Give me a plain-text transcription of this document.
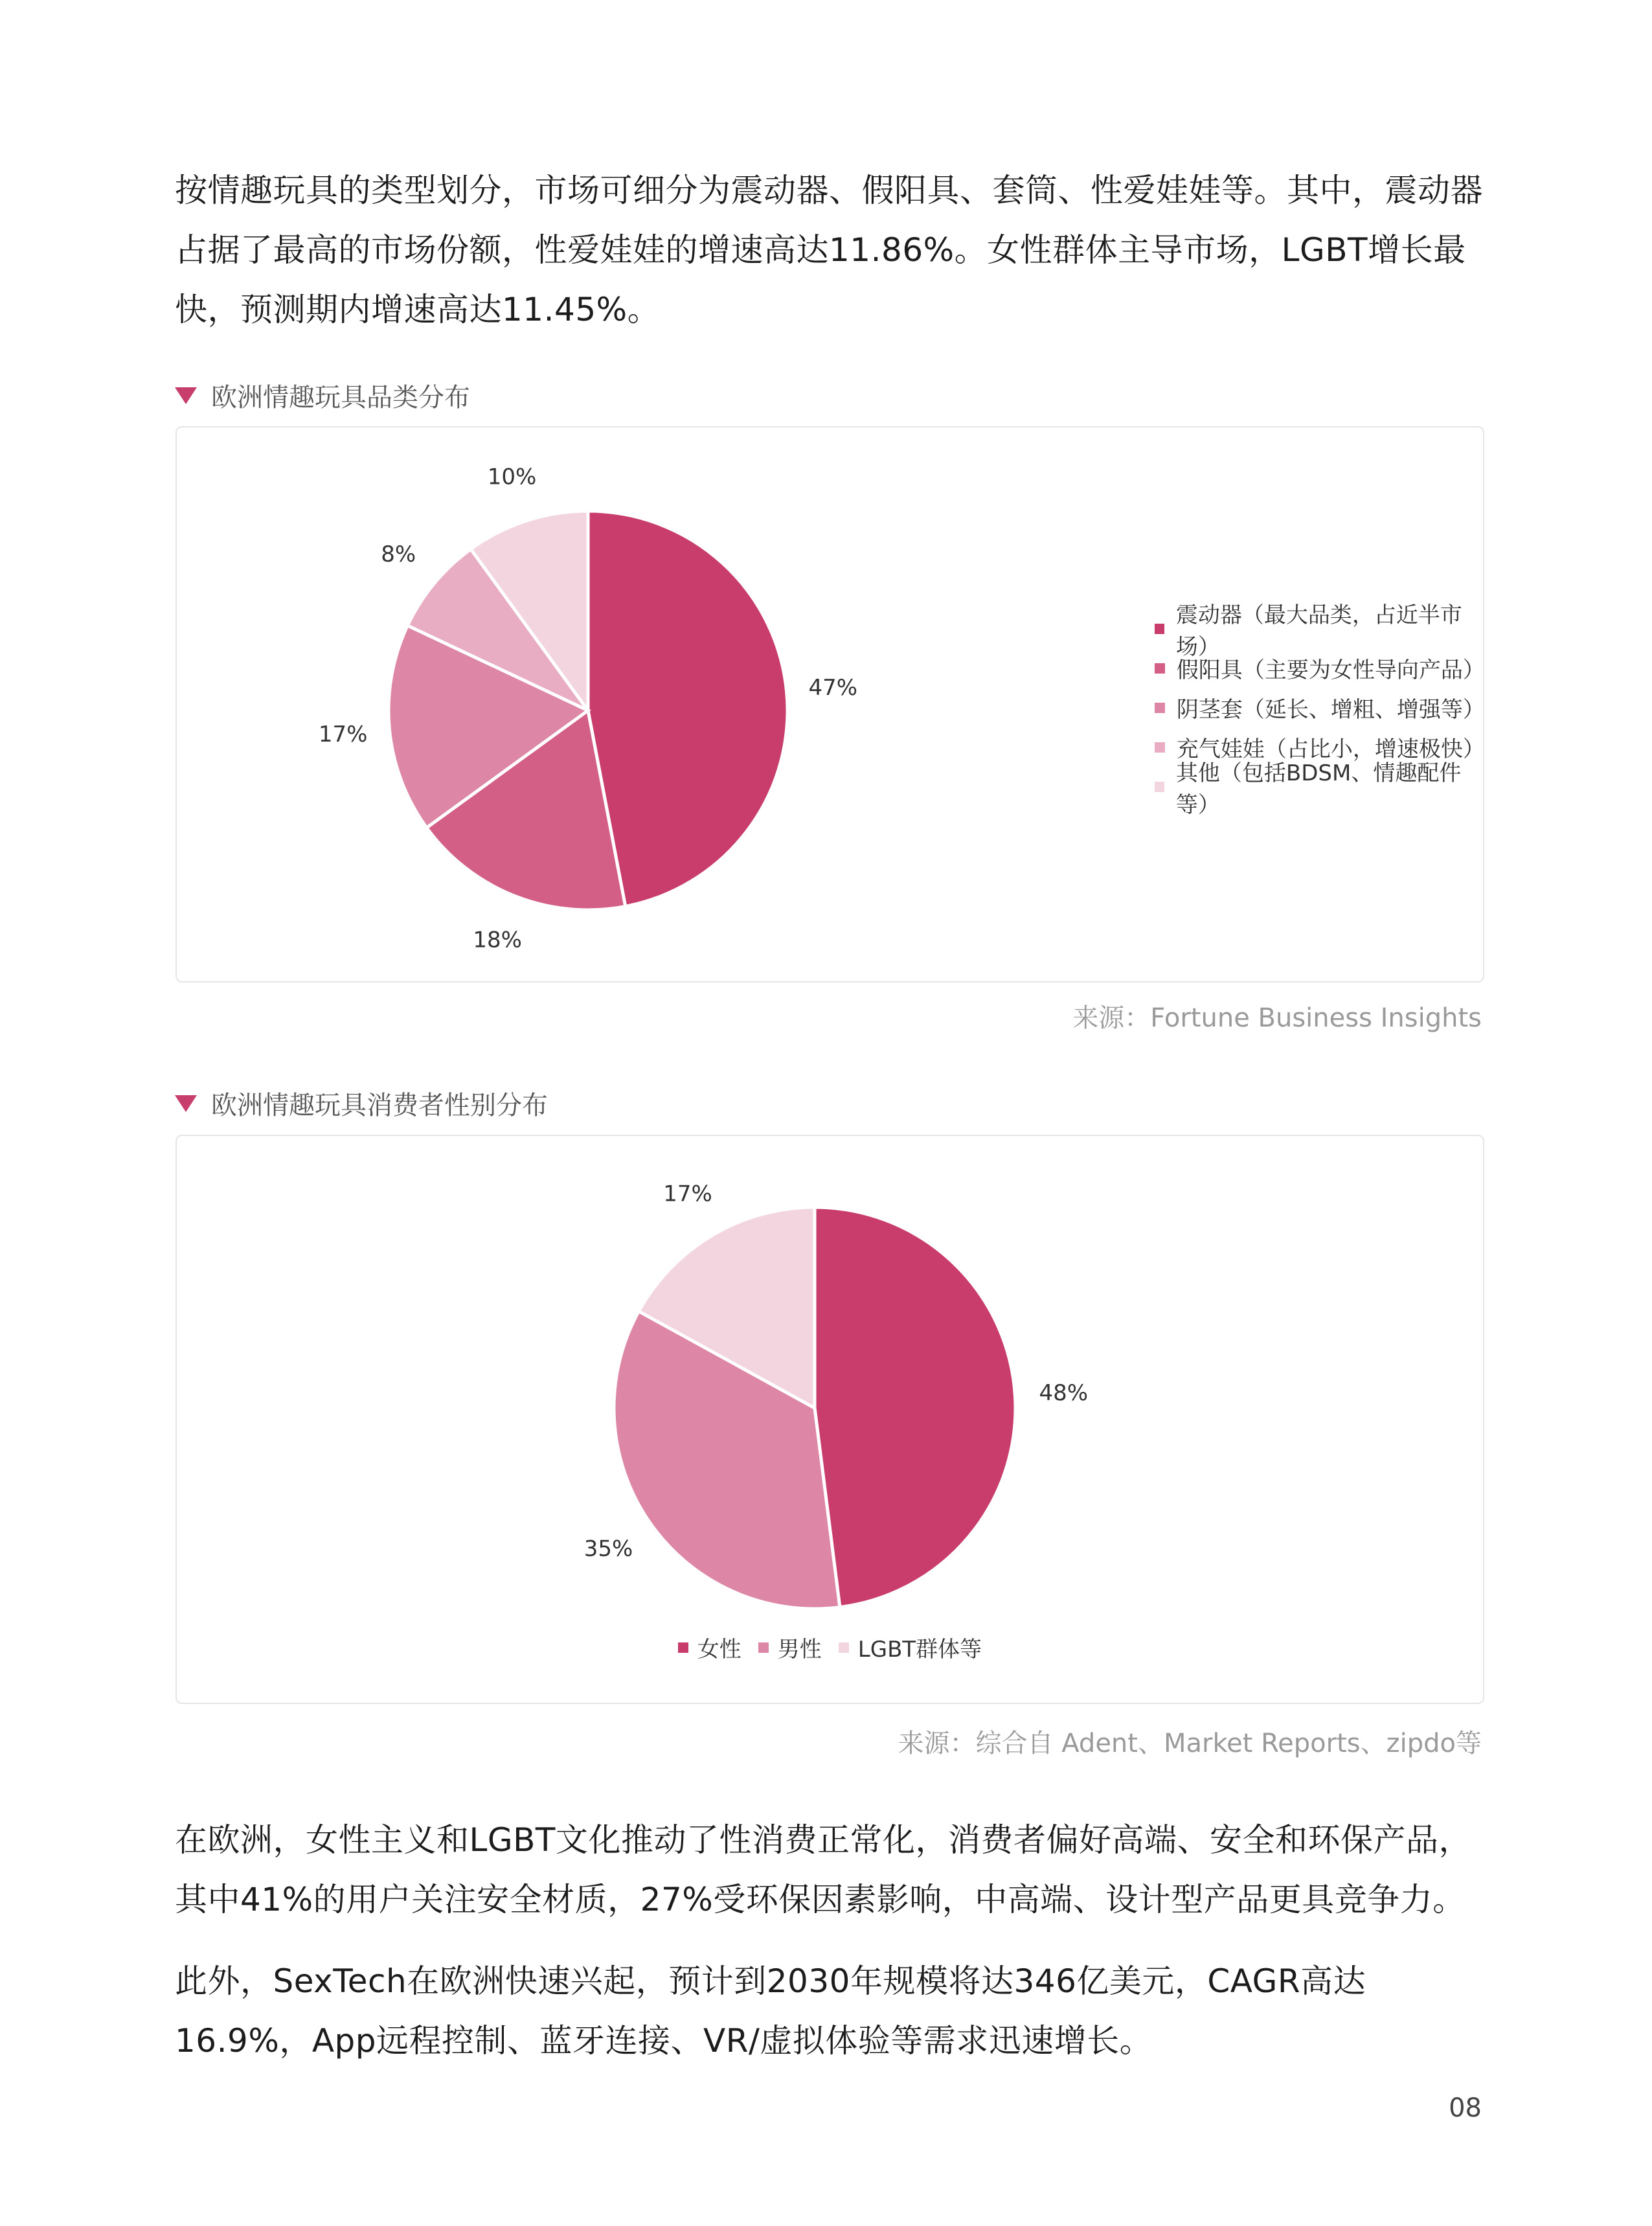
按情趣玩具的类型划分，市场可细分为震动器、假阳具、套筒、性爱娃娃等。其中，震动器占据了最高的市场份额，性爱娃娃的增速高达11.86%。女性群体主导市场，LGBT增长最快，预测期内增速高达11.45%。

欧洲情趣玩具品类分布
47%
18%
17%
8%
10%
震动器（最大品类，占近半市场）
假阳具（主要为女性导向产品）
阴茎套（延长、增粗、增强等）
充气娃娃（占比小，增速极快）
其他（包括BDSM、情趣配件等）
来源：Fortune Business Insights
欧洲情趣玩具消费者性别分布
48%
35%
17%
女性 男性 LGBT群体等
来源：综合自 Adent、Market Reports、zipdo等

在欧洲，女性主义和LGBT文化推动了性消费正常化，消费者偏好高端、安全和环保产品，其中41%的用户关注安全材质，27%受环保因素影响，中高端、设计型产品更具竞争力。

此外，SexTech在欧洲快速兴起，预计到2030年规模将达346亿美元，CAGR高达16.9%，App远程控制、蓝牙连接、VR/虚拟体验等需求迅速增长。

08
